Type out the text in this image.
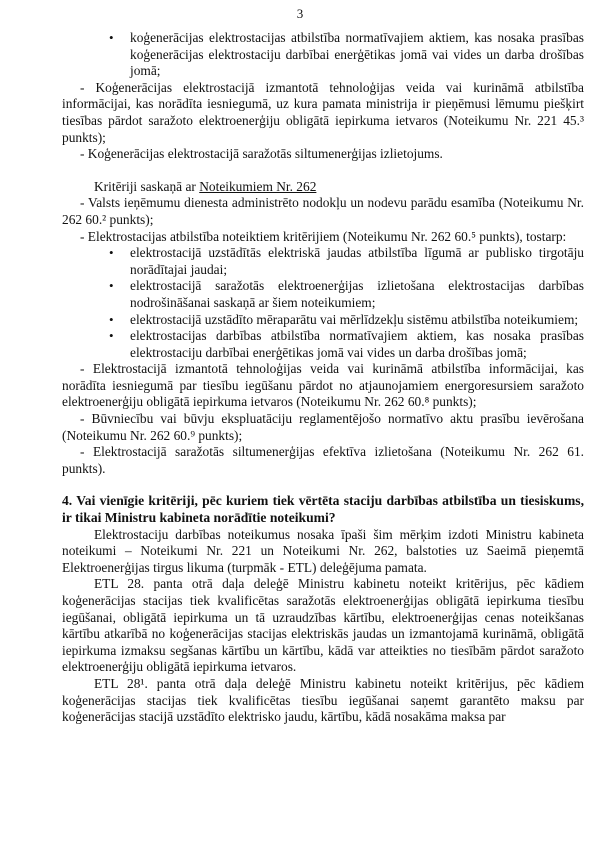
3
• koģenerācijas elektrostacijas atbilstība normatīvajiem aktiem, kas nosaka prasības koģenerācijas elektrostaciju darbībai enerģētikas jomā vai vides un darba drošības jomā;

- Koģenerācijas elektrostacijā izmantotā tehnoloģijas veida vai kurināmā atbilstība informācijai, kas norādīta iesniegumā, uz kura pamata ministrija ir pieņēmusi lēmumu piešķirt tiesības pārdot saražoto elektroenerģiju obligātā iepirkuma ietvaros (Noteikumu Nr. 221 45.³ punkts);

- Koģenerācijas elektrostacijā saražotās siltumenerģijas izlietojums.

Kritēriji saskaņā ar Noteikumiem Nr. 262

- Valsts ieņēmumu dienesta administrēto nodokļu un nodevu parādu esamība (Noteikumu Nr. 262 60.² punkts);

- Elektrostacijas atbilstība noteiktiem kritērijiem (Noteikumu Nr. 262 60.⁵ punkts), tostarp:

• elektrostacijā uzstādītās elektriskā jaudas atbilstība līgumā ar publisko tirgotāju norādītajai jaudai;
• elektrostacijā saražotās elektroenerģijas izlietošana elektrostacijas darbības nodrošināšanai saskaņā ar šiem noteikumiem;
• elektrostacijā uzstādīto mēraparātu vai mērlīdzekļu sistēmu atbilstība noteikumiem;
• elektrostacijas darbības atbilstība normatīvajiem aktiem, kas nosaka prasības elektrostaciju darbībai enerģētikas jomā vai vides un darba drošības jomā;

- Elektrostacijā izmantotā tehnoloģijas veida vai kurināmā atbilstība informācijai, kas norādīta iesniegumā par tiesību iegūšanu pārdot no atjaunojamiem energoresursiem saražoto elektroenerģiju obligātā iepirkuma ietvaros (Noteikumu Nr. 262 60.⁸ punkts);

- Būvniecību vai būvju ekspluatāciju reglamentējošo normatīvo aktu prasību ievērošana (Noteikumu Nr. 262 60.⁹ punkts);

- Elektrostacijā saražotās siltumenerģijas efektīva izlietošana (Noteikumu Nr. 262 61. punkts).

4. Vai vienīgie kritēriji, pēc kuriem tiek vērtēta staciju darbības atbilstība un tiesiskums, ir tikai Ministru kabineta norādītie noteikumi?

Elektrostaciju darbības noteikumus nosaka īpaši šim mērķim izdoti Ministru kabineta noteikumi – Noteikumi Nr. 221 un Noteikumi Nr. 262, balstoties uz Saeimā pieņemtā Elektroenerģijas tirgus likuma (turpmāk - ETL) deleģējuma pamata.

ETL 28. panta otrā daļa deleģē Ministru kabinetu noteikt kritērijus, pēc kādiem koģenerācijas stacijas tiek kvalificētas saražotās elektroenerģijas obligātā iepirkuma tiesību iegūšanai, obligātā iepirkuma un tā uzraudzības kārtību, elektroenerģijas cenas noteikšanas kārtību atkarībā no koģenerācijas stacijas elektriskās jaudas un izmantojamā kurināmā, obligātā iepirkuma izmaksu segšanas kārtību un kārtību, kādā var atteikties no tiesībām pārdot saražoto elektroenerģiju obligātā iepirkuma ietvaros.

ETL 28¹. panta otrā daļa deleģē Ministru kabinetu noteikt kritērijus, pēc kādiem koģenerācijas stacijas tiek kvalificētas tiesību iegūšanai saņemt garantēto maksu par koģenerācijas stacijā uzstādīto elektrisko jaudu, kārtību, kādā nosakāma maksa par
